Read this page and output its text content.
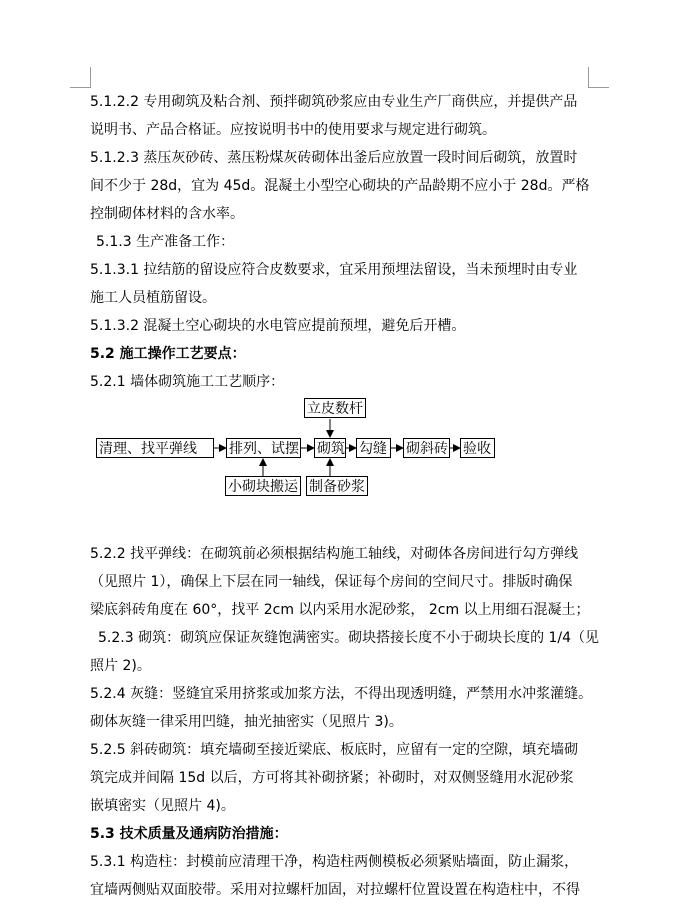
5.1.2.2 专用砌筑及粘合剂、预拌砌筑砂浆应由专业生产厂商供应，并提供产品
说明书、产品合格证。应按说明书中的使用要求与规定进行砌筑。
5.1.2.3 蒸压灰砂砖、蒸压粉煤灰砖砌体出釜后应放置一段时间后砌筑，放置时
间不少于 28d，宜为 45d。混凝土小型空心砌块的产品龄期不应小于 28d。严格
控制砌体材料的含水率。
5.1.3 生产准备工作：
5.1.3.1 拉结筋的留设应符合皮数要求，宜采用预埋法留设，当未预埋时由专业
施工人员植筋留设。
5.1.3.2 混凝土空心砌块的水电管应提前预埋，避免后开槽。
5.2 施工操作工艺要点：
5.2.1 墙体砌筑施工工艺顺序：
立皮数杆
清理、找平弹线	排列、试摆 砌筑 勾缝 砌斜砖 验收
小砌块搬运 制备砂浆
5.2.2 找平弹线：在砌筑前必须根据结构施工轴线，对砌体各房间进行勾方弹线
（见照片 1），确保上下层在同一轴线，保证每个房间的空间尺寸。排版时确保
梁底斜砖角度在 60°，找平 2cm 以内采用水泥砂浆， 2cm 以上用细石混凝土；
5.2.3 砌筑：砌筑应保证灰缝饱满密实。砌块搭接长度不小于砌块长度的 1/4（见
照片 2)。
5.2.4 灰缝：竖缝宜采用挤浆或加浆方法，不得出现透明缝，严禁用水冲浆灌缝。
砌体灰缝一律采用凹缝，抽光抽密实（见照片 3)。
5.2.5 斜砖砌筑：填充墙砌至接近梁底、板底时，应留有一定的空隙，填充墙砌
筑完成并间隔 15d 以后，方可将其补砌挤紧；补砌时，对双侧竖缝用水泥砂浆
嵌填密实（见照片 4)。
5.3 技术质量及通病防治措施：
5.3.1 构造柱：封模前应清理干净，构造柱两侧模板必须紧贴墙面，防止漏浆，
宜墙两侧贴双面胶带。采用对拉螺杆加固，对拉螺杆位置设置在构造柱中，不得
